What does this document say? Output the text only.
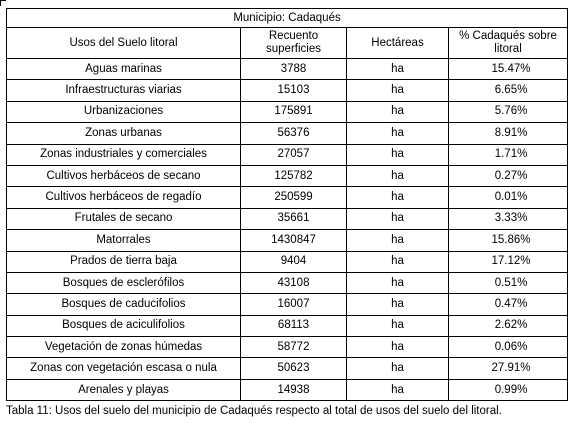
Municipio: Cadaqués			
Usos del Suelo litoral	Recuento superficies	Hectáreas	% Cadaqués sobre litoral
Aguas marinas	3788	ha	15.47%
Infraestructuras viarias	15103	ha	6.65%
Urbanizaciones	175891	ha	5.76%
Zonas urbanas	56376	ha	8.91%
Zonas industriales y comerciales	27057	ha	1.71%
Cultivos herbáceos de secano	125782	ha	0.27%
Cultivos herbáceos de regadío	250599	ha	0.01%
Frutales de secano	35661	ha	3.33%
Matorrales	1430847	ha	15.86%
Prados de tierra baja	9404	ha	17.12%
Bosques de esclerófilos	43108	ha	0.51%
Bosques de caducifolios	16007	ha	0.47%
Bosques de aciculifolios	68113	ha	2.62%
Vegetación de zonas húmedas	58772	ha	0.06%
Zonas con vegetación escasa o nula	50623	ha	27.91%
Arenales y playas	14938	ha	0.99%
Tabla 11: Usos del suelo del municipio de Cadaqués respecto al total de usos del suelo del litoral.
